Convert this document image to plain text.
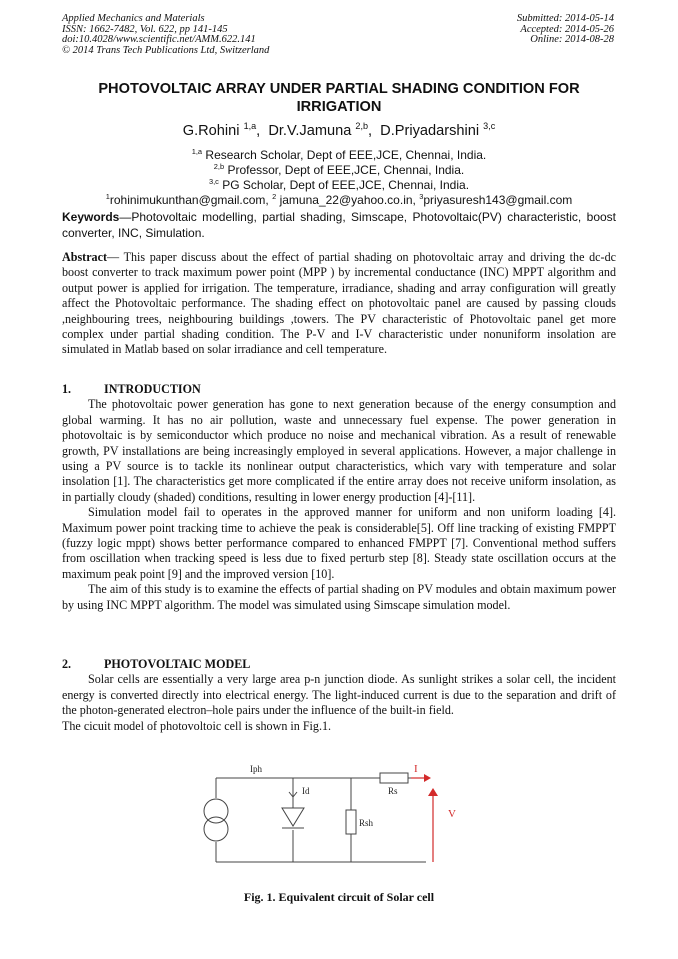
Applied Mechanics and Materials
ISSN: 1662-7482, Vol. 622, pp 141-145
doi:10.4028/www.scientific.net/AMM.622.141
© 2014 Trans Tech Publications Ltd, Switzerland
Submitted: 2014-05-14
Accepted: 2014-05-26
Online: 2014-08-28
PHOTOVOLTAIC ARRAY UNDER PARTIAL SHADING CONDITION FOR IRRIGATION
G.Rohini $^{1,a}$,  Dr.V.Jamuna $^{2,b}$,  D.Priyadarshini $^{3,c}$
$^{1,a}$ Research Scholar, Dept of EEE,JCE, Chennai, India.
$^{2,b}$ Professor, Dept of EEE,JCE, Chennai, India.
$^{3,c}$ PG Scholar, Dept of EEE,JCE, Chennai, India.
$^1$rohinimukunthan@gmail.com, $^2$ jamuna_22@yahoo.co.in, $^3$priyasuresh143@gmail.com
Keywords—Photovoltaic modelling, partial shading, Simscape, Photovoltaic(PV) characteristic, boost converter, INC, Simulation.

Abstract— This paper discuss about the effect of partial shading on photovoltaic array and driving the dc-dc boost converter to track maximum power point (MPP ) by incremental conductance (INC) MPPT algorithm and output power is applied for irrigation. The temperature, irradiance, shading and array configuration will greatly affect the Photovoltaic performance. The shading effect on photovoltaic panel are caused by passing clouds ,neighbouring trees, neighbouring buildings ,towers. The PV characteristic of Photovoltaic panel get more complex under partial shading condition. The P-V and I-V characteristic under nonuniform insolation are simulated in Matlab based on solar irradiance and cell temperature.

1.	INTRODUCTION

The photovoltaic power generation has gone to next generation because of the energy consumption and global warming. It has no air pollution, waste and unnecessary fuel expense. The power generation in photovoltaic is by semiconductor which produce no noise and mechanical vibration. As a result of renewable growth, PV installations are being increasingly employed in several applications. However, a major challenge in using a PV source is to tackle its nonlinear output characteristics, which vary with temperature and solar insolation [1]. The characteristics get more complicated if the entire array does not receive uniform insolation, as in partially cloudy (shaded) conditions, resulting in lower energy production [4]-[11].

Simulation model fail to operates in the approved manner for uniform and non uniform loading [4]. Maximum power point tracking time to achieve the peak is considerable[5]. Off line tracking of existing FMPPT (fuzzy logic mppt) shows better performance compared to enhanced FMPPT [7]. Conventional method suffers from oscillation when tracking speed is less due to fixed perturb step [8]. Steady state oscillation occurs at the maximum peak point [9] and the improved version [10].

The aim of this study is to examine the effects of partial shading on PV modules and obtain maximum power by using INC MPPT algorithm. The model was simulated using Simscape simulation model.

2.	PHOTOVOLTAIC MODEL

Solar cells are essentially a very large area p-n junction diode. As sunlight strikes a solar cell, the incident energy is converted directly into electrical energy. The light-induced current is due to the separation and drift of the photon-generated electron–hole pairs under the influence of the built-in field.

The cicuit model of photovoltoic cell is shown in Fig.1.

Iph
Id
Rsh
Rs
I
V
Fig. 1. Equivalent circuit of Solar cell
